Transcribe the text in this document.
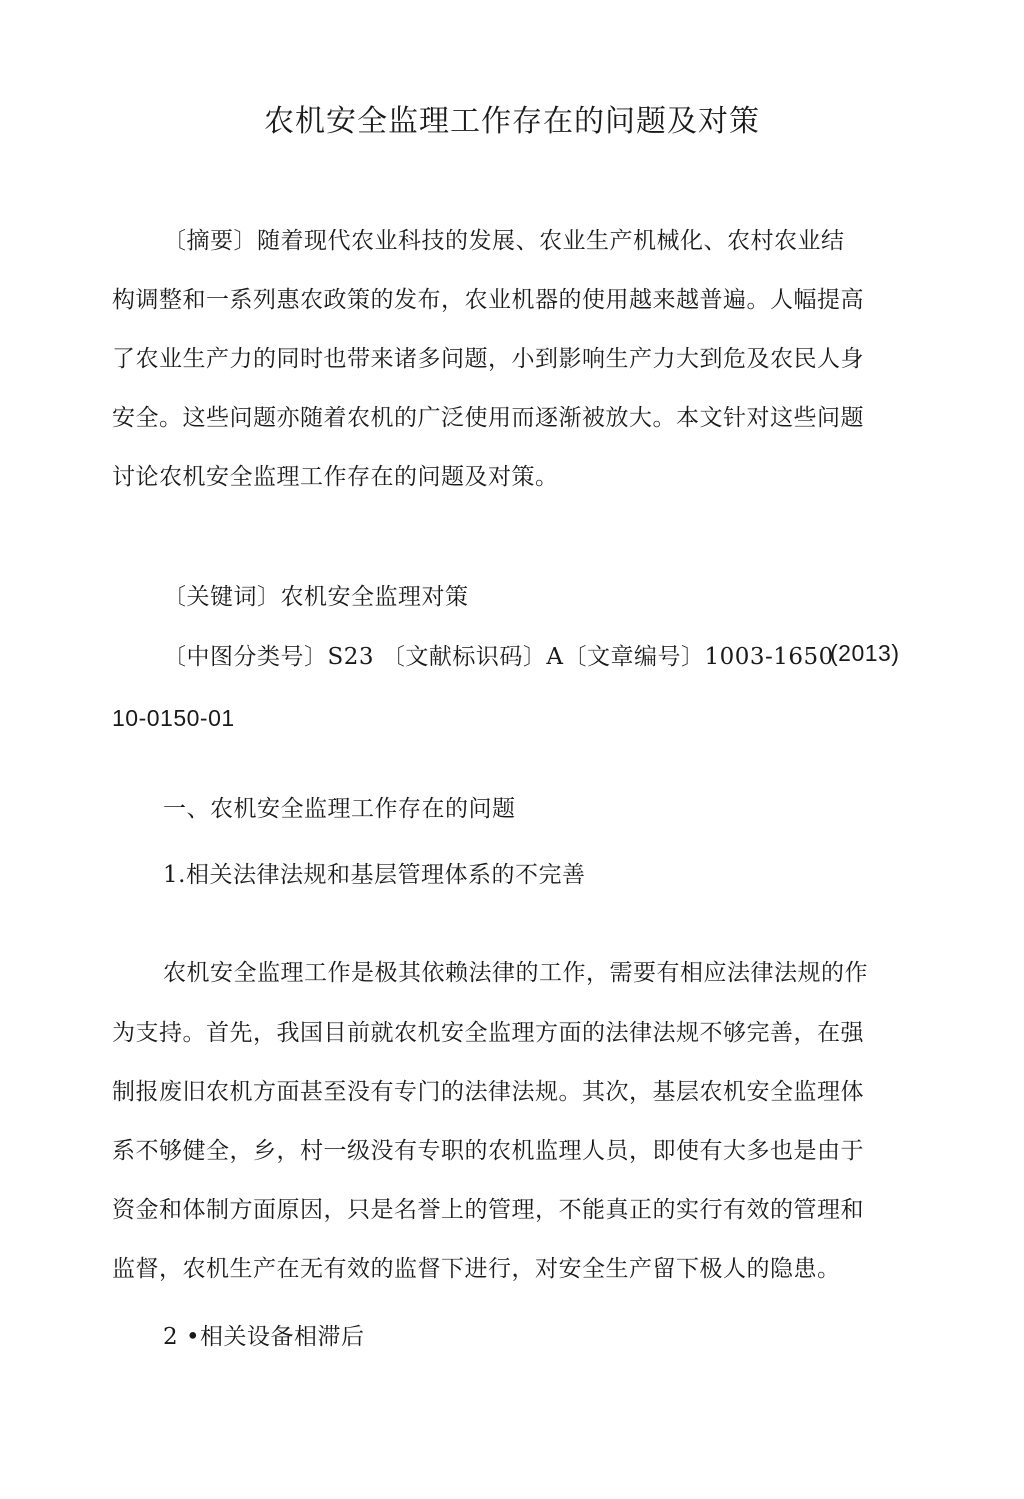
农机安全监理工作存在的问题及对策
〔摘要〕随着现代农业科技的发展、农业生产机械化、农村农业结
构调整和一系列惠农政策的发布，农业机器的使用越来越普遍。人幅提高
了农业生产力的同时也带来诸多问题，小到影响生产力大到危及农民人身
安全。这些问题亦随着农机的广泛使用而逐渐被放大。本文针对这些问题
讨论农机安全监理工作存在的问题及对策。
〔关键词〕农机安全监理对策
〔中图分类号〕S23 〔文献标识码〕A〔文章编号〕1003-1650
(2013)
10-0150-01
一、农机安全监理工作存在的问题
1.相关法律法规和基层管理体系的不完善
农机安全监理工作是极其依赖法律的工作，需要有相应法律法规的作
为支持。首先，我国目前就农机安全监理方面的法律法规不够完善，在强
制报废旧农机方面甚至没有专门的法律法规。其次，基层农机安全监理体
系不够健全，乡，村一级没有专职的农机监理人员，即使有大多也是由于
资金和体制方面原因，只是名誉上的管理，不能真正的实行有效的管理和
监督，农机生产在无有效的监督下进行，对安全生产留下极人的隐患。
2 •相关设备相滞后
